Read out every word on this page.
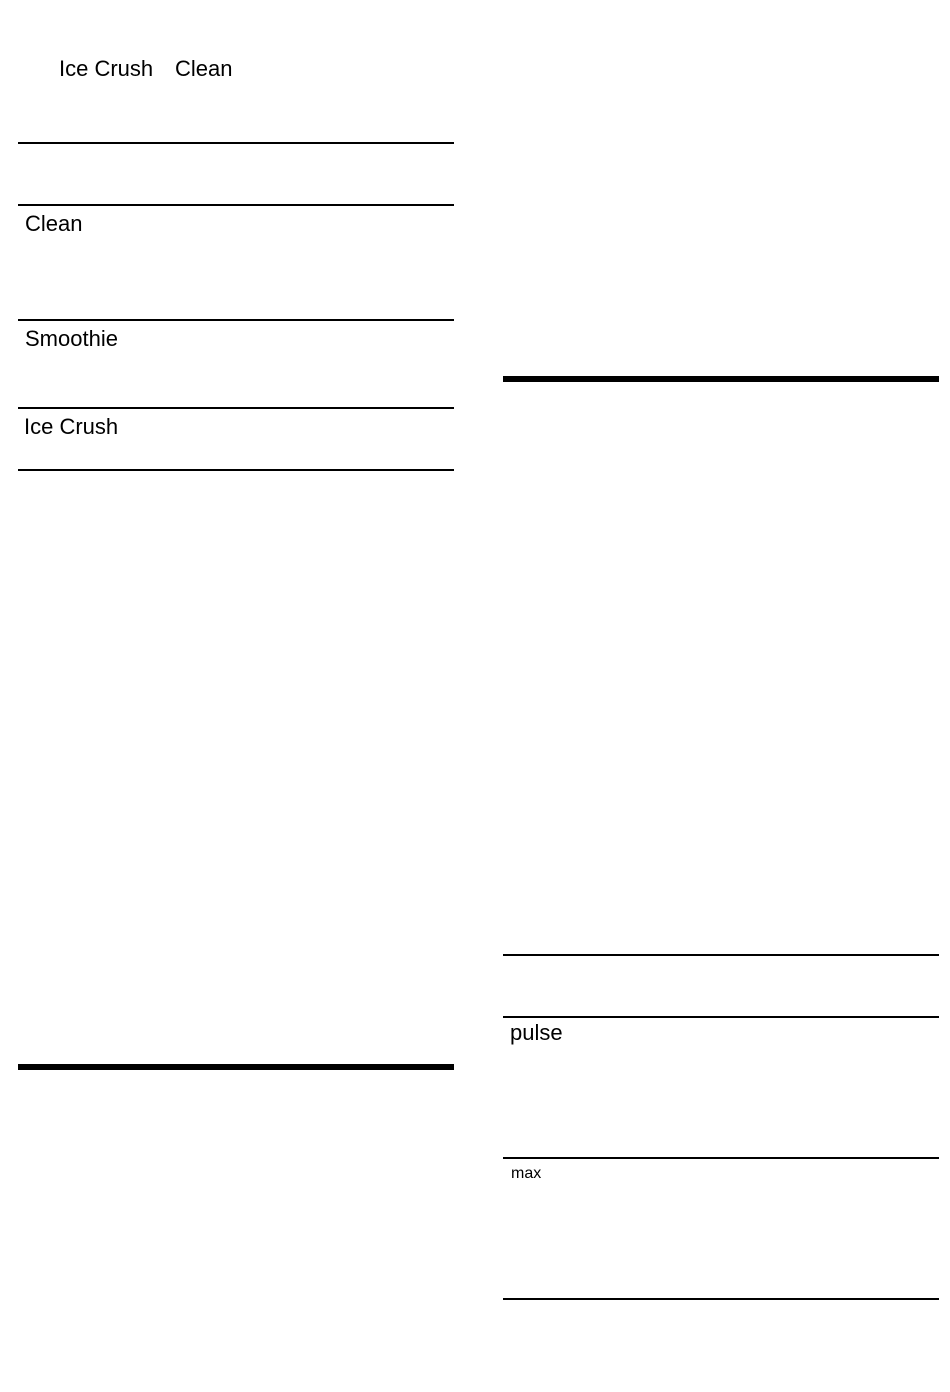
Ice Crush Clean
Clean
Smoothie
Ice Crush
pulse
max
